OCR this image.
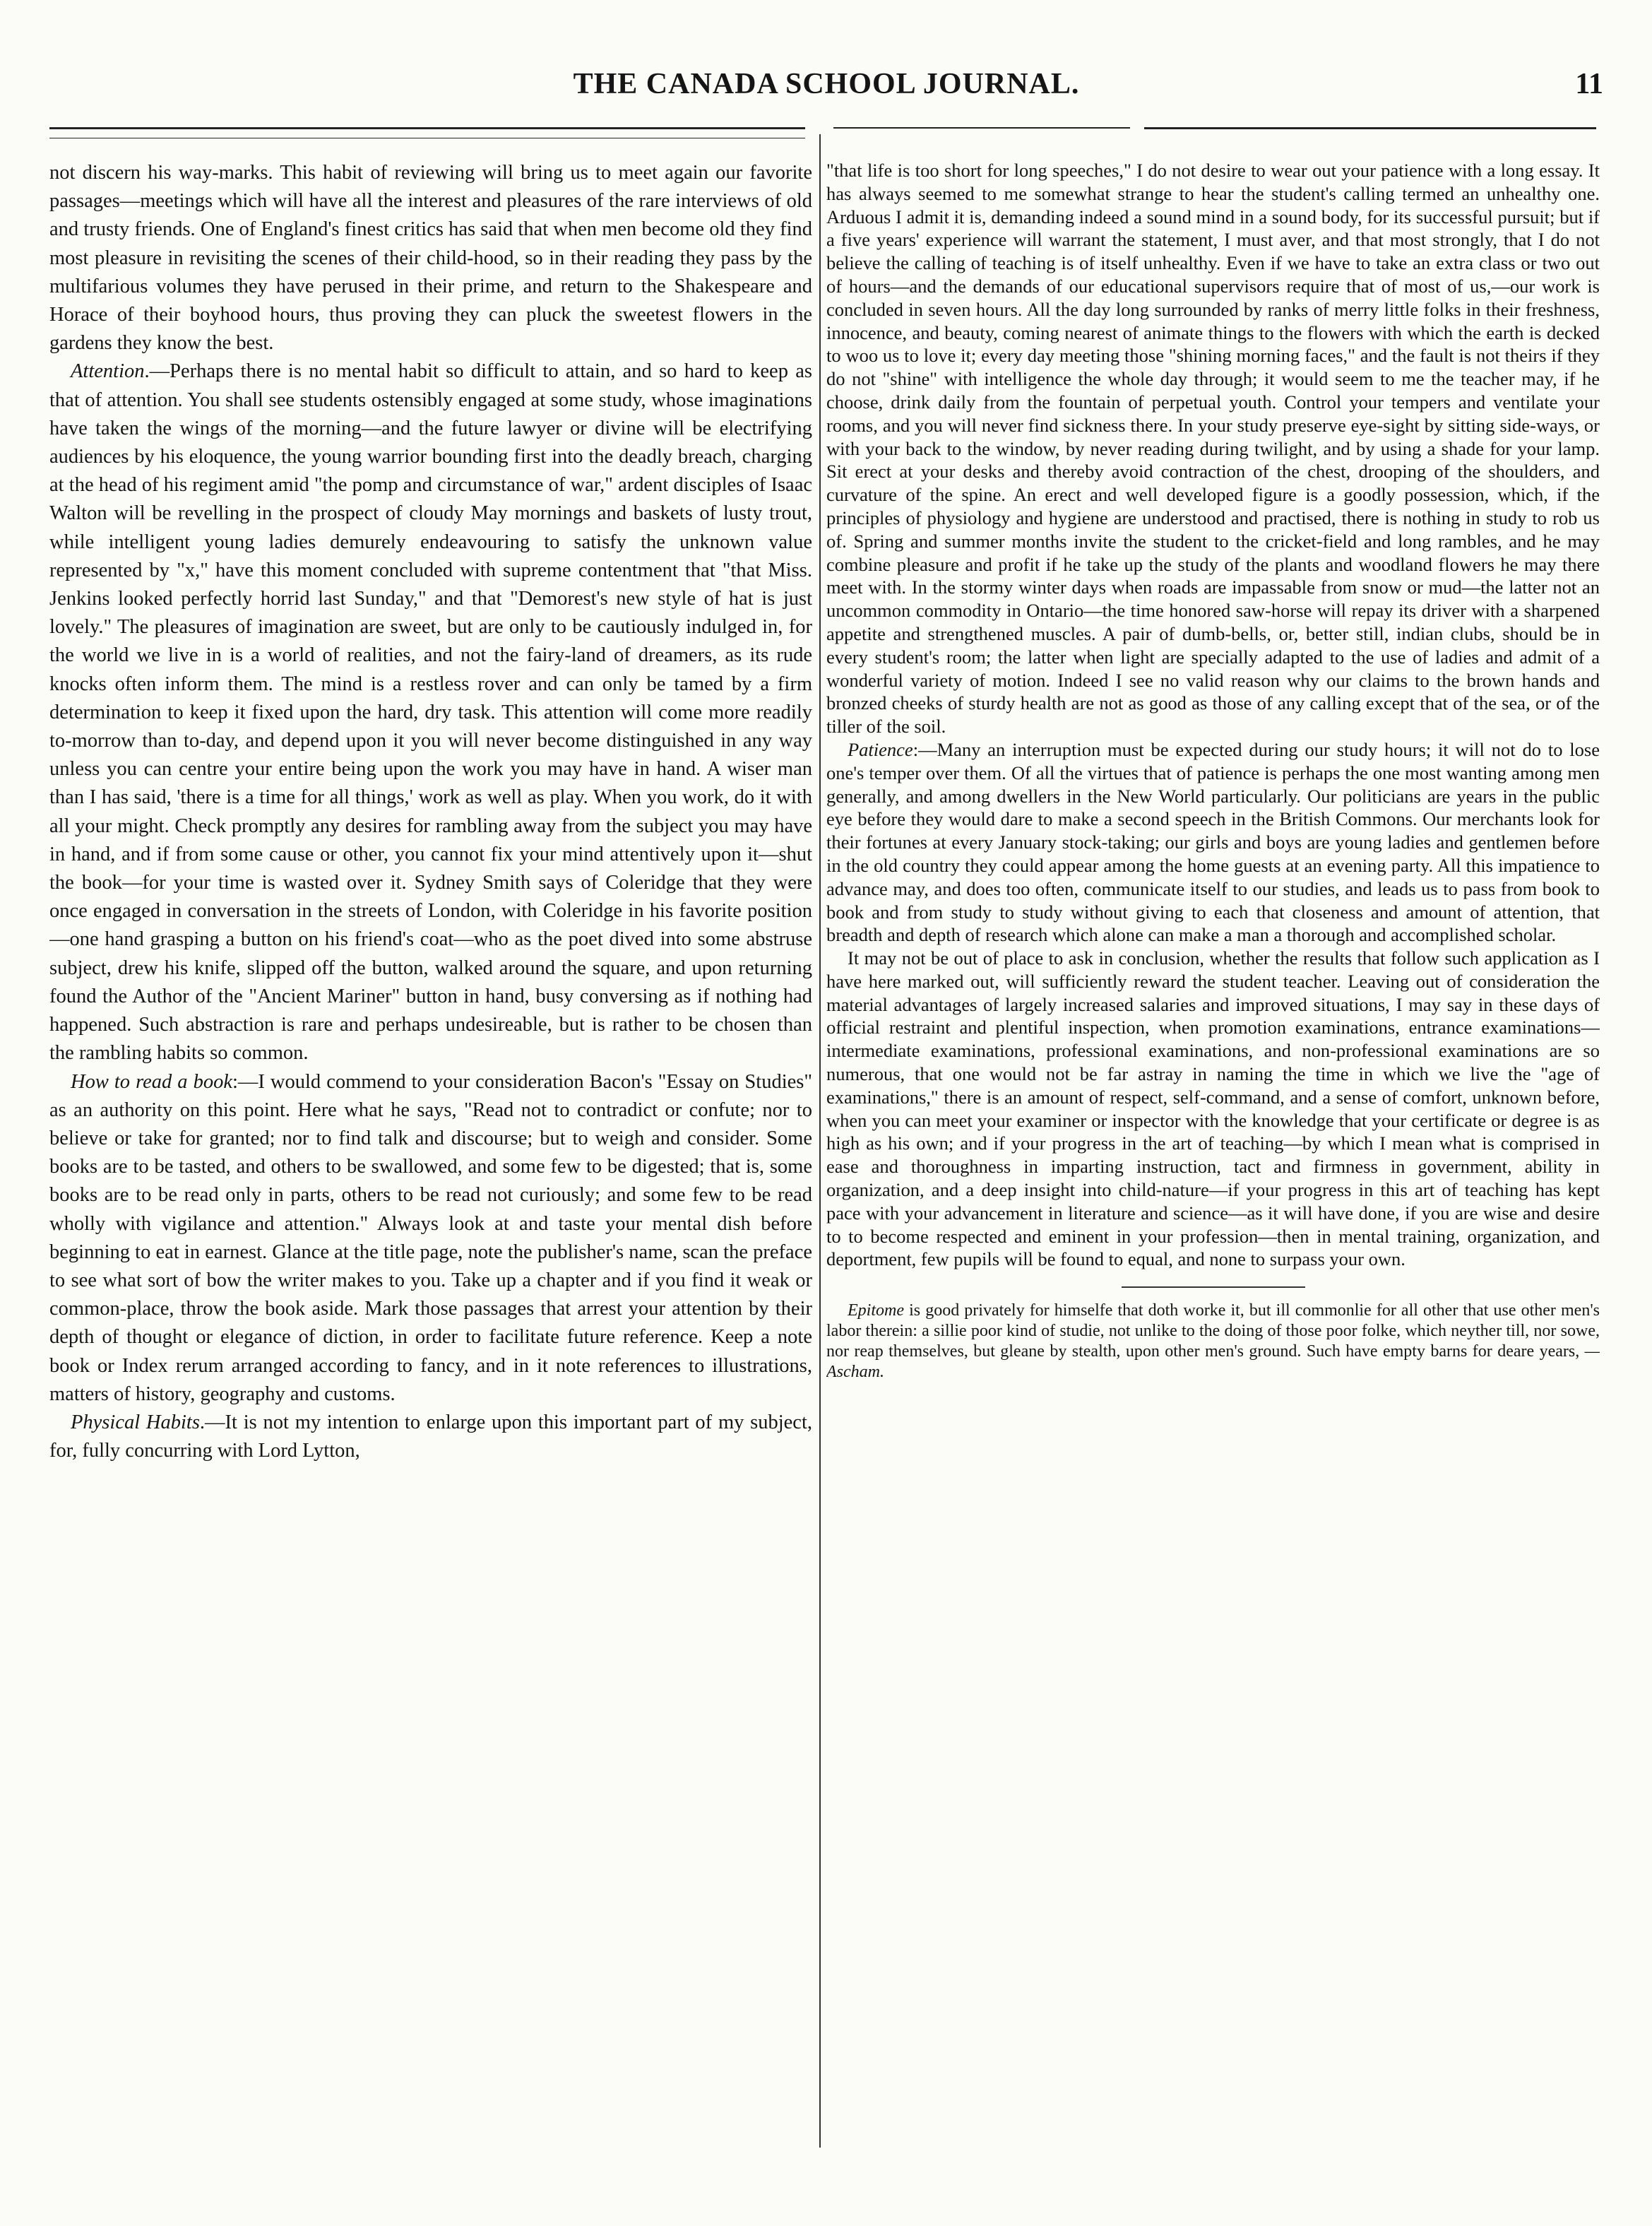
THE CANADA SCHOOL JOURNAL.	11

not discern his way-marks. This habit of reviewing will bring us to meet again our favorite passages—meetings which will have all the interest and pleasures of the rare interviews of old and trusty friends. One of England's finest critics has said that when men become old they find most pleasure in revisiting the scenes of their child-hood, so in their reading they pass by the multifarious volumes they have perused in their prime, and return to the Shakespeare and Horace of their boyhood hours, thus proving they can pluck the sweetest flowers in the gardens they know the best.

Attention.—Perhaps there is no mental habit so difficult to attain, and so hard to keep as that of attention. You shall see students ostensibly engaged at some study, whose imaginations have taken the wings of the morning—and the future lawyer or divine will be electrifying audiences by his eloquence, the young warrior bounding first into the deadly breach, charging at the head of his regiment amid "the pomp and circumstance of war," ardent disciples of Isaac Walton will be revelling in the prospect of cloudy May mornings and baskets of lusty trout, while intelligent young ladies demurely endeavouring to satisfy the unknown value represented by "x," have this moment concluded with supreme contentment that "that Miss. Jenkins looked perfectly horrid last Sunday," and that "Demorest's new style of hat is just lovely." The pleasures of imagination are sweet, but are only to be cautiously indulged in, for the world we live in is a world of realities, and not the fairy-land of dreamers, as its rude knocks often inform them. The mind is a restless rover and can only be tamed by a firm determination to keep it fixed upon the hard, dry task. This attention will come more readily to-morrow than to-day, and depend upon it you will never become distinguished in any way unless you can centre your entire being upon the work you may have in hand. A wiser man than I has said, 'there is a time for all things,' work as well as play. When you work, do it with all your might. Check promptly any desires for rambling away from the subject you may have in hand, and if from some cause or other, you cannot fix your mind attentively upon it—shut the book—for your time is wasted over it. Sydney Smith says of Coleridge that they were once engaged in conversation in the streets of London, with Coleridge in his favorite position—one hand grasping a button on his friend's coat—who as the poet dived into some abstruse subject, drew his knife, slipped off the button, walked around the square, and upon returning found the Author of the "Ancient Mariner" button in hand, busy conversing as if nothing had happened. Such abstraction is rare and perhaps undesireable, but is rather to be chosen than the rambling habits so common.

How to read a book:—I would commend to your consideration Bacon's "Essay on Studies" as an authority on this point. Here what he says, "Read not to contradict or confute; nor to believe or take for granted; nor to find talk and discourse; but to weigh and consider. Some books are to be tasted, and others to be swallowed, and some few to be digested; that is, some books are to be read only in parts, others to be read not curiously; and some few to be read wholly with vigilance and attention." Always look at and taste your mental dish before beginning to eat in earnest. Glance at the title page, note the publisher's name, scan the preface to see what sort of bow the writer makes to you. Take up a chapter and if you find it weak or common-place, throw the book aside. Mark those passages that arrest your attention by their depth of thought or elegance of diction, in order to facilitate future reference. Keep a note book or Index rerum arranged according to fancy, and in it note references to illustrations, matters of history, geography and customs.

Physical Habits.—It is not my intention to enlarge upon this important part of my subject, for, fully concurring with Lord Lytton,

"that life is too short for long speeches," I do not desire to wear out your patience with a long essay. It has always seemed to me somewhat strange to hear the student's calling termed an unhealthy one. Arduous I admit it is, demanding indeed a sound mind in a sound body, for its successful pursuit; but if a five years' experience will warrant the statement, I must aver, and that most strongly, that I do not believe the calling of teaching is of itself unhealthy. Even if we have to take an extra class or two out of hours—and the demands of our educational supervisors require that of most of us,—our work is concluded in seven hours. All the day long surrounded by ranks of merry little folks in their freshness, innocence, and beauty, coming nearest of animate things to the flowers with which the earth is decked to woo us to love it; every day meeting those "shining morning faces," and the fault is not theirs if they do not "shine" with intelligence the whole day through; it would seem to me the teacher may, if he choose, drink daily from the fountain of perpetual youth. Control your tempers and ventilate your rooms, and you will never find sickness there. In your study preserve eye-sight by sitting side-ways, or with your back to the window, by never reading during twilight, and by using a shade for your lamp. Sit erect at your desks and thereby avoid contraction of the chest, drooping of the shoulders, and curvature of the spine. An erect and well developed figure is a goodly possession, which, if the principles of physiology and hygiene are understood and practised, there is nothing in study to rob us of. Spring and summer months invite the student to the cricket-field and long rambles, and he may combine pleasure and profit if he take up the study of the plants and woodland flowers he may there meet with. In the stormy winter days when roads are impassable from snow or mud—the latter not an uncommon commodity in Ontario—the time honored saw-horse will repay its driver with a sharpened appetite and strengthened muscles. A pair of dumb-bells, or, better still, indian clubs, should be in every student's room; the latter when light are specially adapted to the use of ladies and admit of a wonderful variety of motion. Indeed I see no valid reason why our claims to the brown hands and bronzed cheeks of sturdy health are not as good as those of any calling except that of the sea, or of the tiller of the soil.

Patience:—Many an interruption must be expected during our study hours; it will not do to lose one's temper over them. Of all the virtues that of patience is perhaps the one most wanting among men generally, and among dwellers in the New World particularly. Our politicians are years in the public eye before they would dare to make a second speech in the British Commons. Our merchants look for their fortunes at every January stock-taking; our girls and boys are young ladies and gentlemen before in the old country they could appear among the home guests at an evening party. All this impatience to advance may, and does too often, communicate itself to our studies, and leads us to pass from book to book and from study to study without giving to each that closeness and amount of attention, that breadth and depth of research which alone can make a man a thorough and accomplished scholar.

It may not be out of place to ask in conclusion, whether the results that follow such application as I have here marked out, will sufficiently reward the student teacher. Leaving out of consideration the material advantages of largely increased salaries and improved situations, I may say in these days of official restraint and plentiful inspection, when promotion examinations, entrance examinations—intermediate examinations, professional examinations, and non-professional examinations are so numerous, that one would not be far astray in naming the time in which we live the "age of examinations," there is an amount of respect, self-command, and a sense of comfort, unknown before, when you can meet your examiner or inspector with the knowledge that your certificate or degree is as high as his own; and if your progress in the art of teaching—by which I mean what is comprised in ease and thoroughness in imparting instruction, tact and firmness in government, ability in organization, and a deep insight into child-nature—if your progress in this art of teaching has kept pace with your advancement in literature and science—as it will have done, if you are wise and desire to to become respected and eminent in your profession—then in mental training, organization, and deportment, few pupils will be found to equal, and none to surpass your own.

Epitome is good privately for himselfe that doth worke it, but ill commonlie for all other that use other men's labor therein: a sillie poor kind of studie, not unlike to the doing of those poor folke, which neyther till, nor sowe, nor reap themselves, but gleane by stealth, upon other men's ground. Such have empty barns for deare years, —Ascham.
